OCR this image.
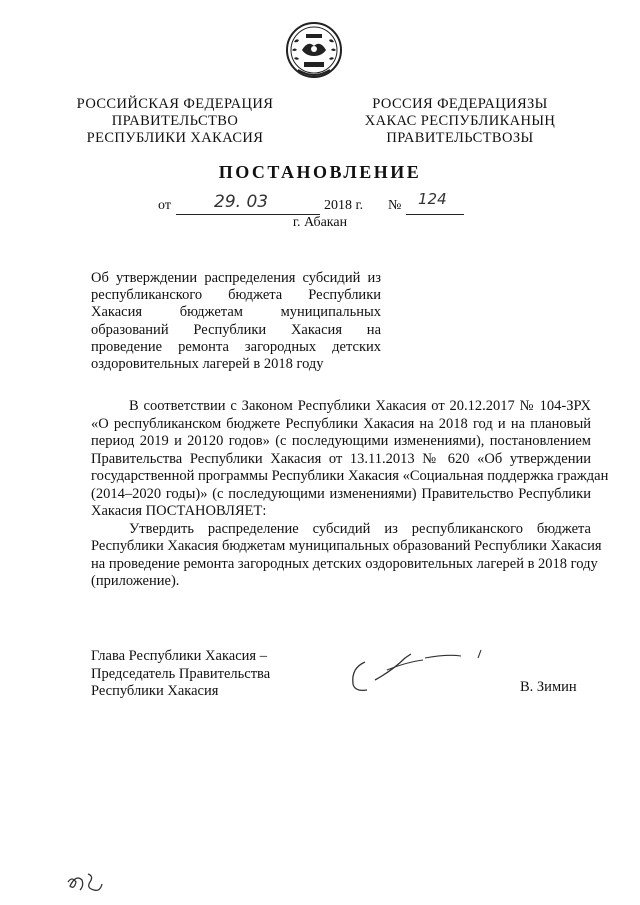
РОССИЙСКАЯ ФЕДЕРАЦИЯ
ПРАВИТЕЛЬСТВО
РЕСПУБЛИКИ ХАКАСИЯ
РОССИЯ ФЕДЕРАЦИЯЗЫ
ХАКАС РЕСПУБЛИКАНЫҢ
ПРАВИТЕЛЬСТВОЗЫ
ПОСТАНОВЛЕНИЕ
от	29. 03	2018 г. № 124
г. Абакан
Об утверждении распределения субсидий из
республиканского бюджета Республики
Хакасия бюджетам муниципальных
образований Республики Хакасия на
проведение ремонта загородных детских
оздоровительных лагерей в 2018 году
В соответствии с Законом Республики Хакасия от 20.12.2017 № 104-ЗРХ
«О республиканском бюджете Республики Хакасия на 2018 год и на плановый
период 2019 и 20120 годов» (с последующими изменениями), постановлением
Правительства Республики Хакасия от 13.11.2013 № 620 «Об утверждении
государственной программы Республики Хакасия «Социальная поддержка граждан
(2014–2020 годы)» (с последующими изменениями) Правительство Республики
Хакасия ПОСТАНОВЛЯЕТ:
Утвердить распределение субсидий из республиканского бюджета
Республики Хакасия бюджетам муниципальных образований Республики Хакасия
на проведение ремонта загородных детских оздоровительных лагерей в 2018 году
(приложение).
Глава Республики Хакасия –
Председатель Правительства
Республики Хакасия	В. Зимин
